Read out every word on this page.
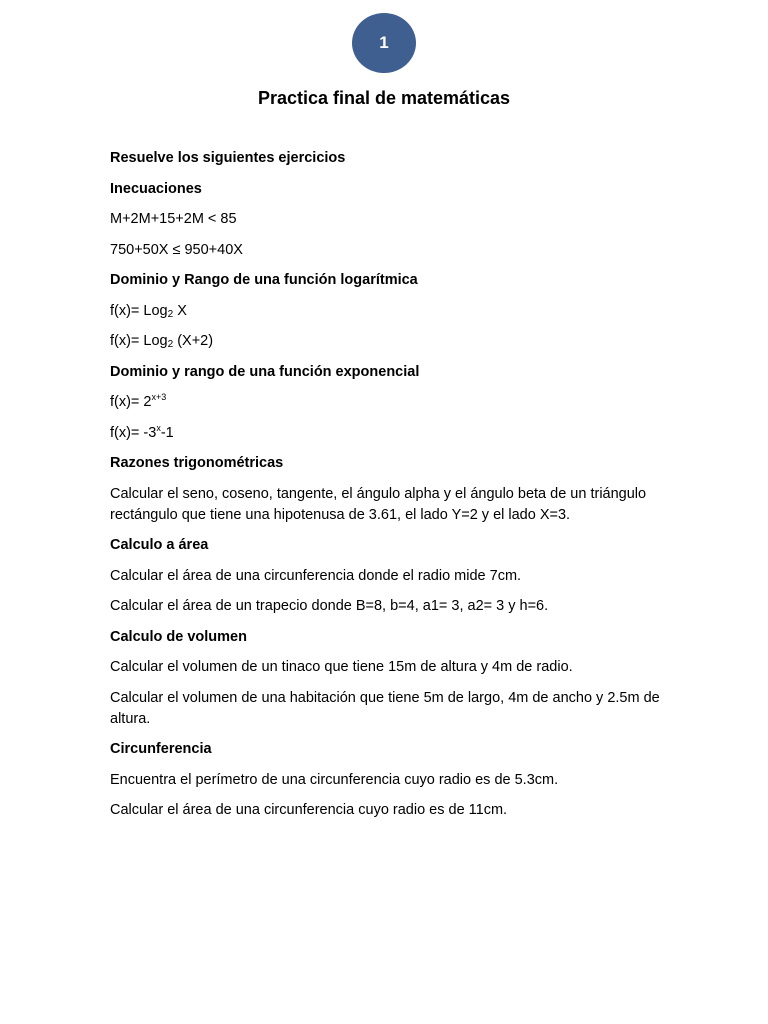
1
Practica final de matemáticas

Resuelve los siguientes ejercicios

Inecuaciones

M+2M+15+2M < 85

750+50X ≤ 950+40X

Dominio y Rango de una función logarítmica

f(x)= Log$_2$ X

f(x)= Log$_2$ (X+2)

Dominio y rango de una función exponencial

$f(x)= 2^{x+3}$

$f(x)= -3^x-1$

Razones trigonométricas

Calcular el seno, coseno, tangente, el ángulo alpha y el ángulo beta de un triángulo rectángulo que tiene una hipotenusa de 3.61, el lado Y=2 y el lado X=3.

Calculo a área

Calcular el área de una circunferencia donde el radio mide 7cm.

Calcular el área de un trapecio donde B=8, b=4, a1= 3, a2= 3 y h=6.

Calculo de volumen

Calcular el volumen de un tinaco que tiene 15m de altura y 4m de radio.

Calcular el volumen de una habitación que tiene 5m de largo, 4m de ancho y 2.5m de altura.

Circunferencia

Encuentra el perímetro de una circunferencia cuyo radio es de 5.3cm.

Calcular el área de una circunferencia cuyo radio es de 11cm.
